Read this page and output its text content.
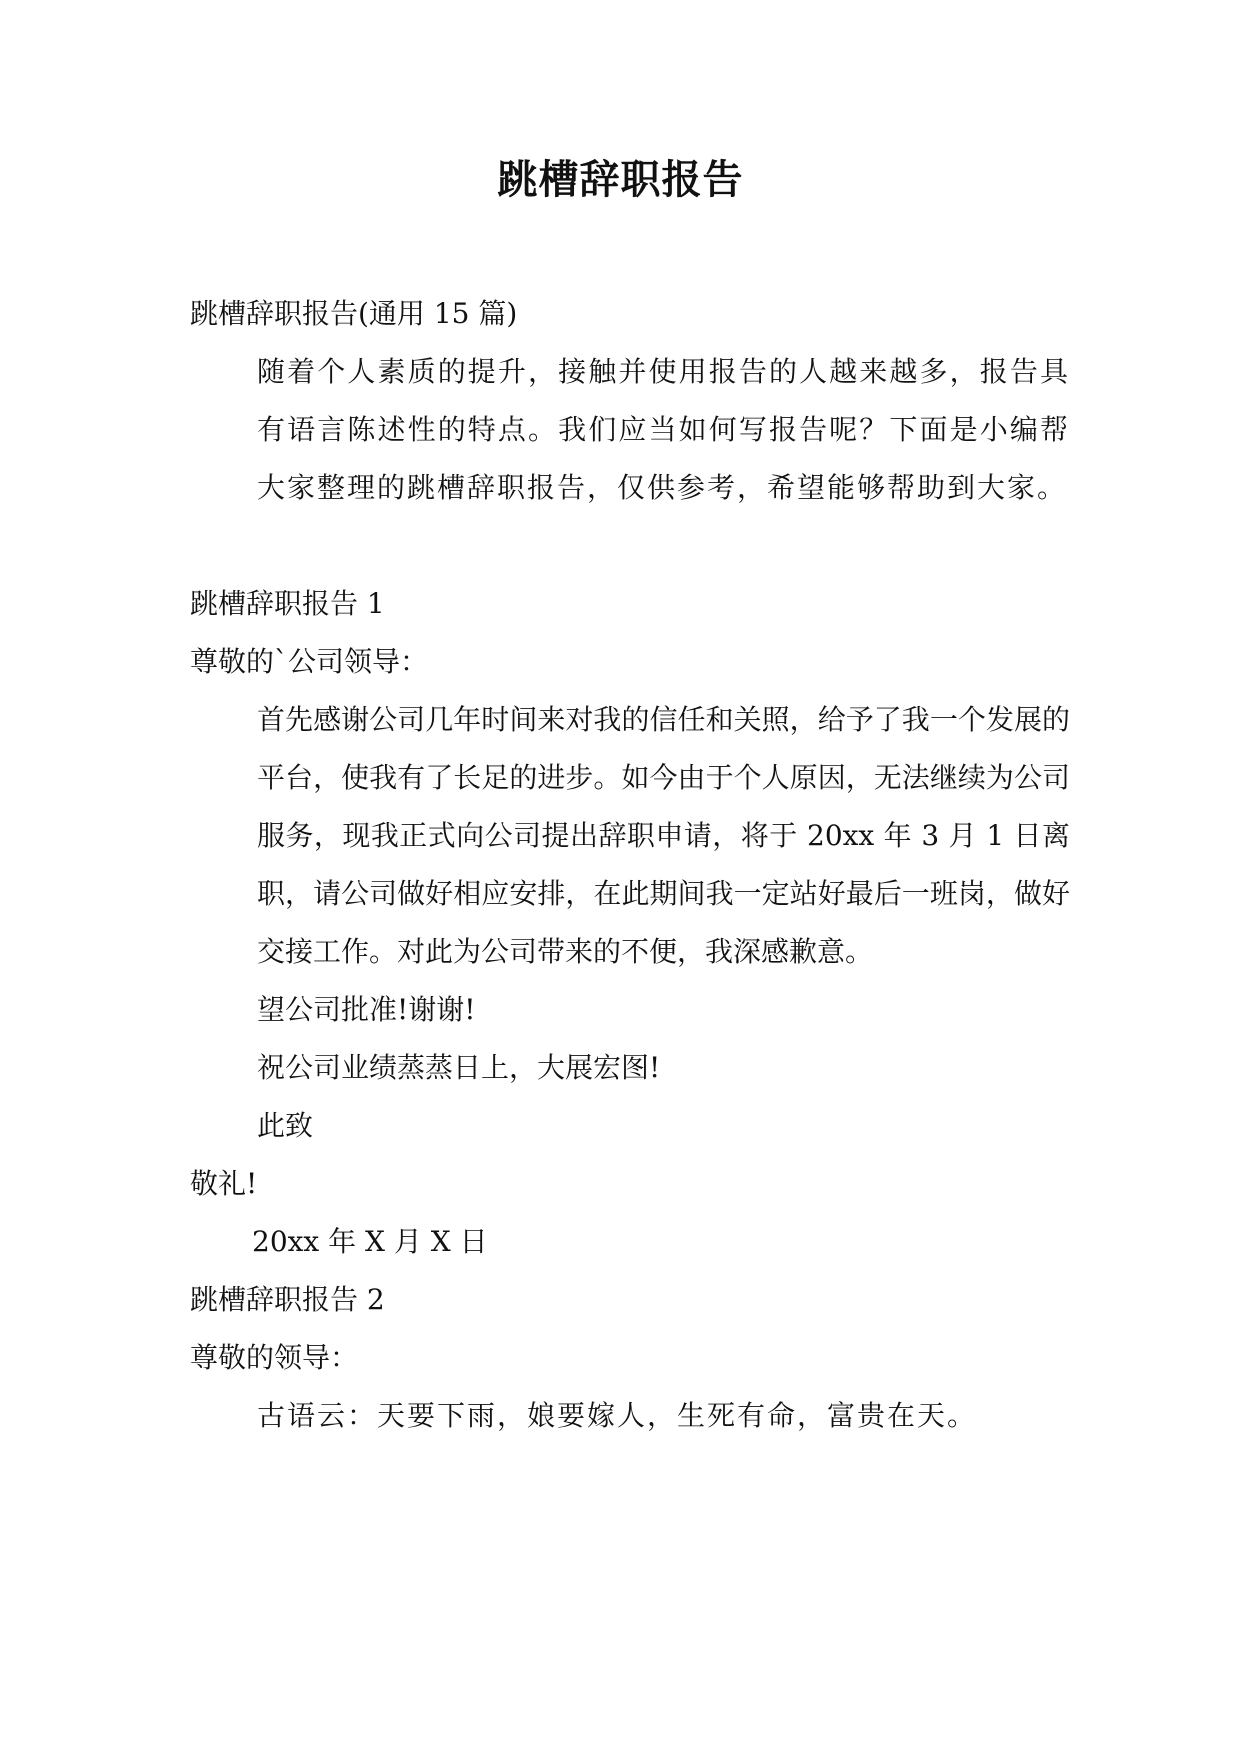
跳槽辞职报告
跳槽辞职报告(通用 15 篇)

随着个人素质的提升，接触并使用报告的人越来越多，报告具有语言陈述性的特点。我们应当如何写报告呢？下面是小编帮大家整理的跳槽辞职报告，仅供参考，希望能够帮助到大家。

跳槽辞职报告 1
尊敬的`公司领导：

首先感谢公司几年时间来对我的信任和关照，给予了我一个发展的平台，使我有了长足的进步。如今由于个人原因，无法继续为公司服务，现我正式向公司提出辞职申请，将于 20xx 年 3 月 1 日离职，请公司做好相应安排，在此期间我一定站好最后一班岗，做好交接工作。对此为公司带来的不便，我深感歉意。

望公司批准!谢谢!
祝公司业绩蒸蒸日上，大展宏图!
此致
敬礼!
20xx 年 X 月 X 日
跳槽辞职报告 2
尊敬的领导：
古语云：天要下雨，娘要嫁人，生死有命，富贵在天。
